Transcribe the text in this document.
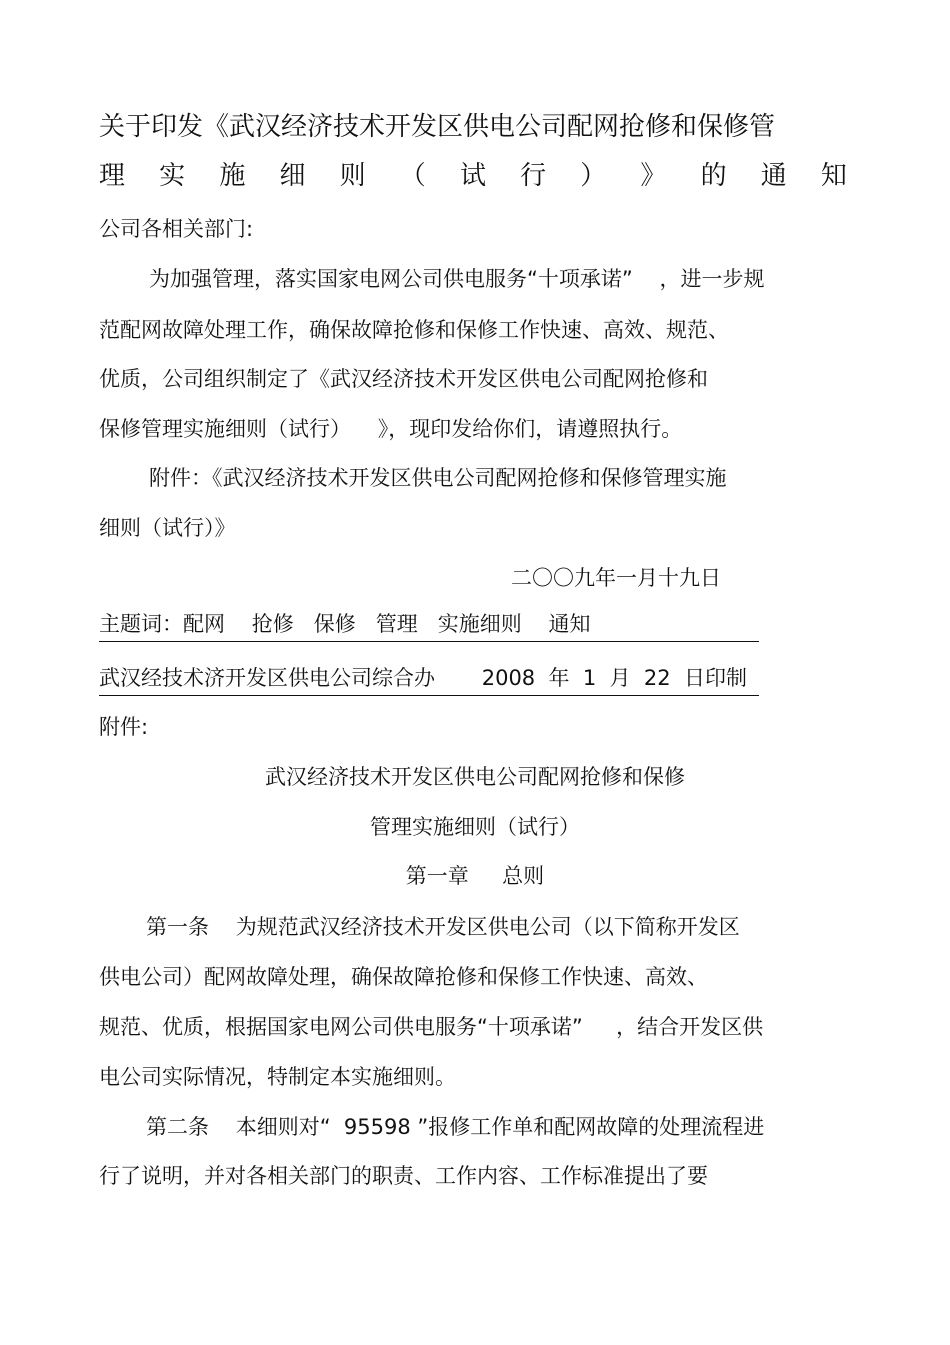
关于印发《武汉经济技术开发区供电公司配网抢修和保修管
理 实 施 细 则 （ 试 行 ） 》 的 通 知
公司各相关部门:
为加强管理，落实国家电网公司供电服务“十项承诺”    ，进一步规
范配网故障处理工作，确保故障抢修和保修工作快速、高效、规范、
优质，公司组织制定了《武汉经济技术开发区供电公司配网抢修和
保修管理实施细则（试行）    》，现印发给你们，请遵照执行。
附件：《武汉经济技术开发区供电公司配网抢修和保修管理实施
细则（试行）》
二〇〇九年一月十九日
主题词：配网    抢修   保修   管理   实施细则    通知
武汉经技术济开发区供电公司综合办       2008  年  1  月  22  日印制
附件:
武汉经济技术开发区供电公司配网抢修和保修
管理实施细则（试行）
第一章     总则
第一条    为规范武汉经济技术开发区供电公司（以下简称开发区
供电公司）配网故障处理，确保故障抢修和保修工作快速、高效、
规范、优质，根据国家电网公司供电服务“十项承诺”     ，结合开发区供
电公司实际情况，特制定本实施细则。
第二条    本细则对“  95598 ”报修工作单和配网故障的处理流程进
行了说明，并对各相关部门的职责、工作内容、工作标准提出了要
